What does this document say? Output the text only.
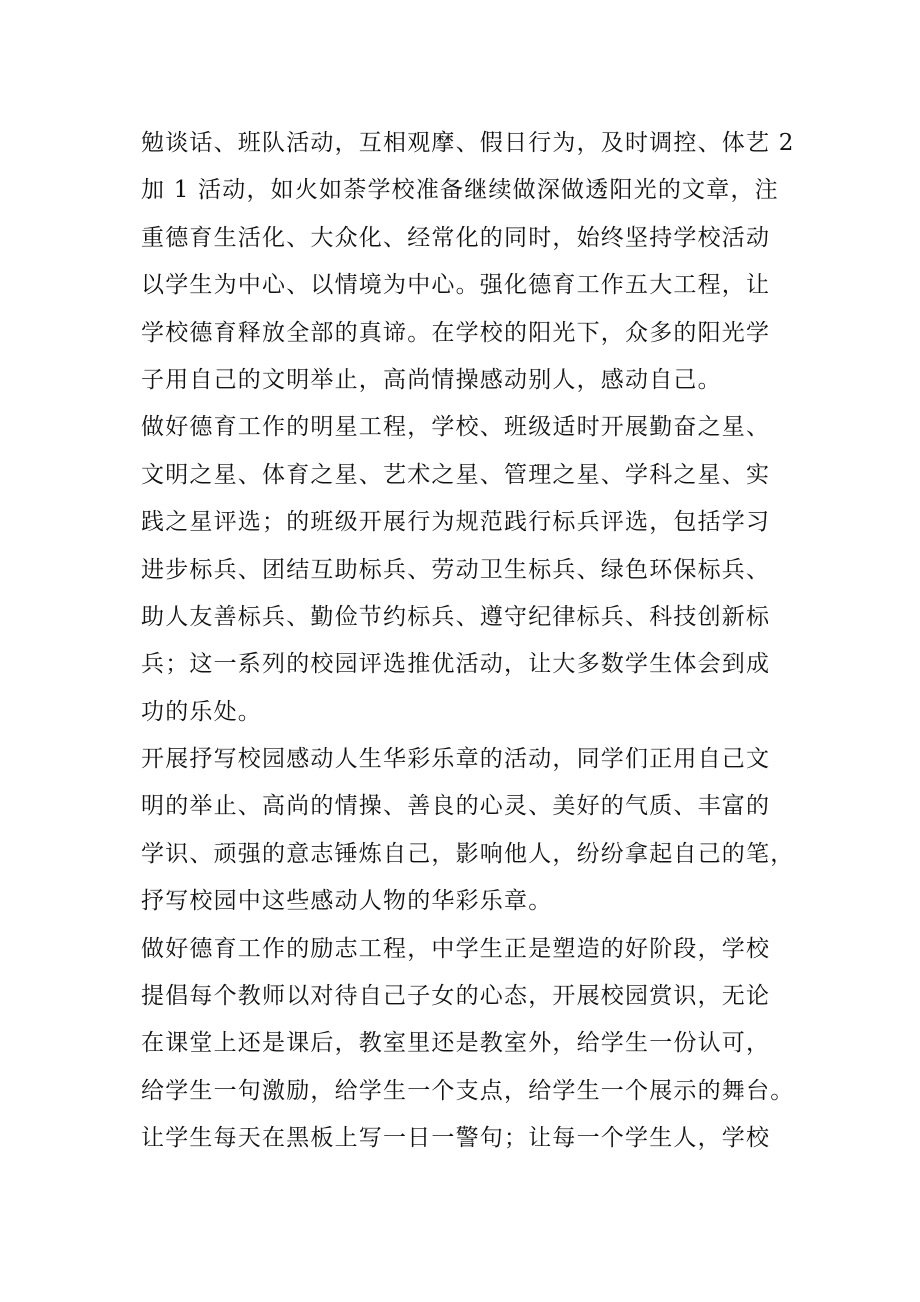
勉谈话、班队活动，互相观摩、假日行为，及时调控、体艺 2
加 1 活动，如火如荼学校准备继续做深做透阳光的文章，注
重德育生活化、大众化、经常化的同时，始终坚持学校活动
以学生为中心、以情境为中心。强化德育工作五大工程，让
学校德育释放全部的真谛。在学校的阳光下，众多的阳光学
子用自己的文明举止，高尚情操感动别人，感动自己。
做好德育工作的明星工程，学校、班级适时开展勤奋之星、
文明之星、体育之星、艺术之星、管理之星、学科之星、实
践之星评选；的班级开展行为规范践行标兵评选，包括学习
进步标兵、团结互助标兵、劳动卫生标兵、绿色环保标兵、
助人友善标兵、勤俭节约标兵、遵守纪律标兵、科技创新标
兵；这一系列的校园评选推优活动，让大多数学生体会到成
功的乐处。
开展抒写校园感动人生华彩乐章的活动，同学们正用自己文
明的举止、高尚的情操、善良的心灵、美好的气质、丰富的
学识、顽强的意志锤炼自己，影响他人，纷纷拿起自己的笔，
抒写校园中这些感动人物的华彩乐章。
做好德育工作的励志工程，中学生正是塑造的好阶段，学校
提倡每个教师以对待自己子女的心态，开展校园赏识，无论
在课堂上还是课后，教室里还是教室外，给学生一份认可，
给学生一句激励，给学生一个支点，给学生一个展示的舞台。
让学生每天在黑板上写一日一警句；让每一个学生人，学校
